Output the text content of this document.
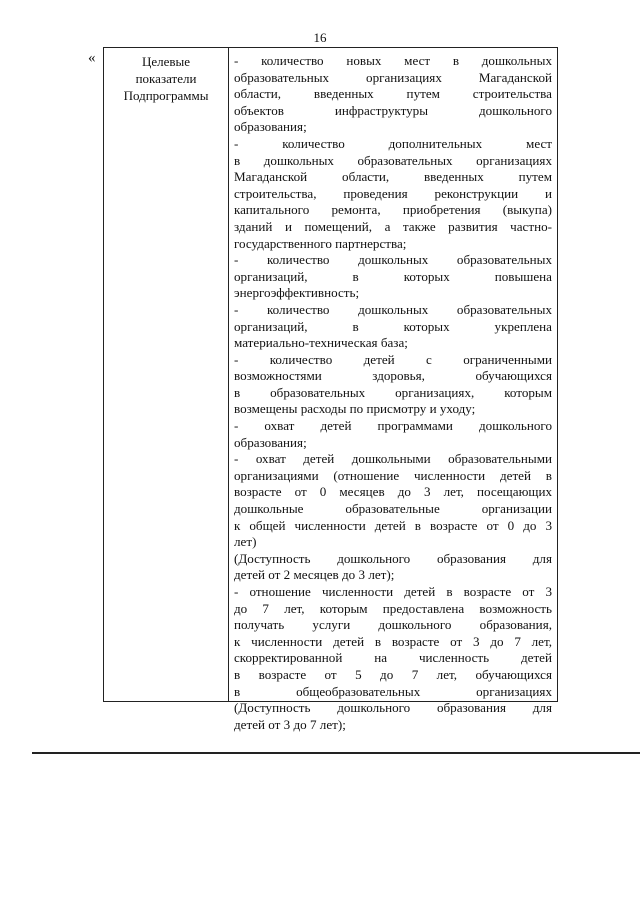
16
«	Целевые
показатели
Подпрограммы
- количество новых мест в дошкольных
образовательных организациях Магаданской
области, введенных путем строительства
объектов инфраструктуры дошкольного
образования;
- количество дополнительных мест
в дошкольных образовательных организациях
Магаданской области, введенных путем
строительства, проведения реконструкции и
капитального ремонта, приобретения (выкупа)
зданий и помещений, а также развития частно-
государственного партнерства;
- количество дошкольных образовательных
организаций, в которых повышена
энергоэффективность;
- количество дошкольных образовательных
организаций, в которых укреплена
материально-техническая база;
- количество детей с ограниченными
возможностями здоровья, обучающихся
в образовательных организациях, которым
возмещены расходы по присмотру и уходу;
- охват детей программами дошкольного
образования;
- охват детей дошкольными образовательными
организациями (отношение численности детей в
возрасте от 0 месяцев до 3 лет, посещающих
дошкольные образовательные организации
к общей численности детей в возрасте от 0 до 3
лет)
(Доступность дошкольного образования для
детей от 2 месяцев до 3 лет);
- отношение численности детей в возрасте от 3
до 7 лет, которым предоставлена возможность
получать услуги дошкольного образования,
к численности детей в возрасте от 3 до 7 лет,
скорректированной на численность детей
в возрасте от 5 до 7 лет, обучающихся
в общеобразовательных организациях
(Доступность дошкольного образования для
детей от 3 до 7 лет);
